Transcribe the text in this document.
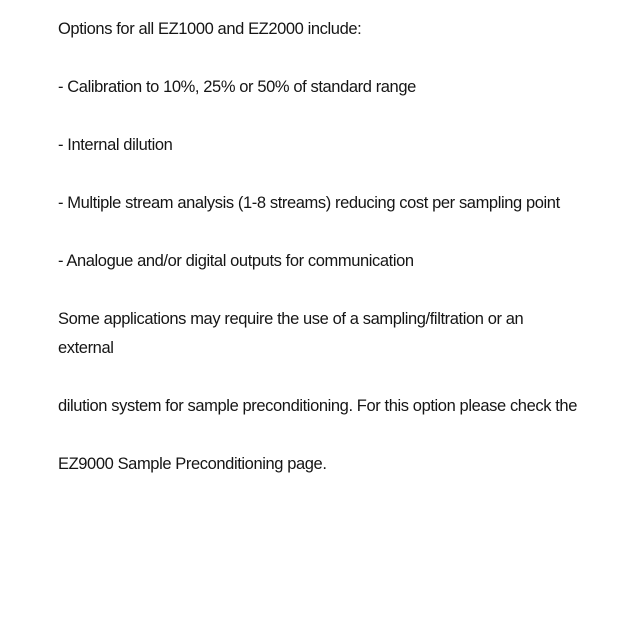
Options for all EZ1000 and EZ2000 include:

- Calibration to 10%, 25% or 50% of standard range

- Internal dilution

- Multiple stream analysis (1-8 streams) reducing cost per sampling point

- Analogue and/or digital outputs for communication

Some applications may require the use of a sampling/filtration or an
external

dilution system for sample preconditioning. For this option please check the

EZ9000 Sample Preconditioning page.
